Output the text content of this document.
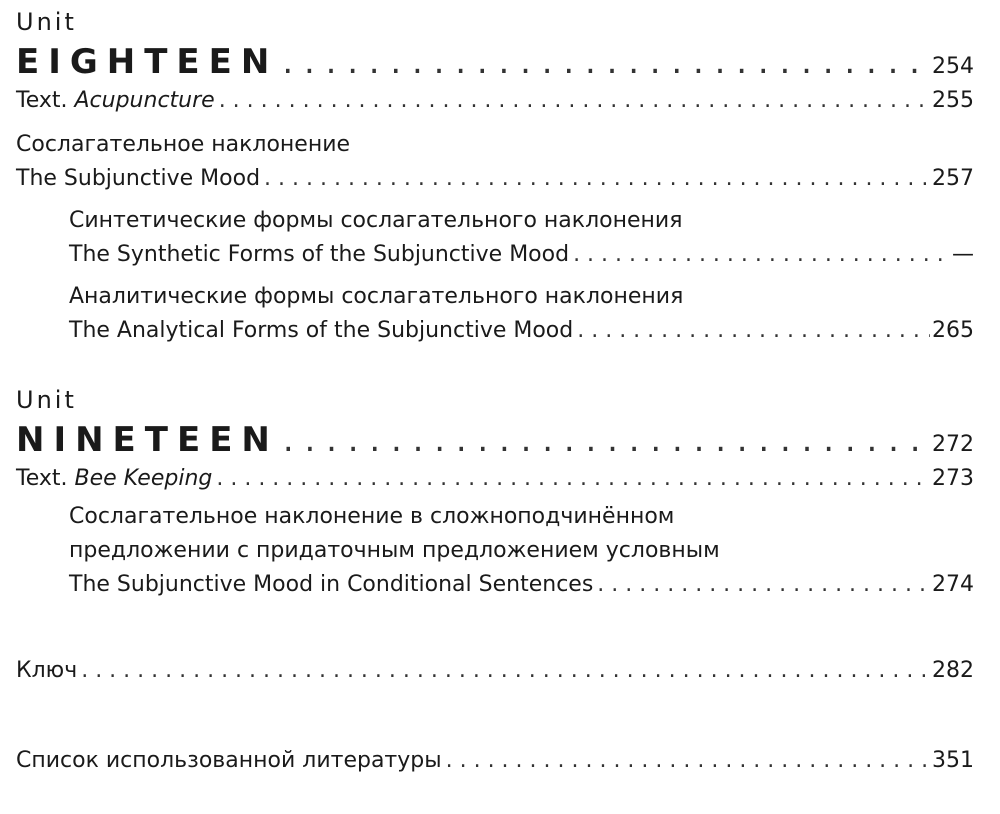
Unit
EIGHTEEN . . .	254
Text. Acupuncture . . .	255
Сослагательное наклонение
The Subjunctive Mood . . .	257
Синтетические формы сослагательного наклонения
The Synthetic Forms of the Subjunctive Mood . . .	—
Аналитические формы сослагательного наклонения
The Analytical Forms of the Subjunctive Mood . . .	265
Unit
NINETEEN . . .	272
Text. Bee Keeping . . .	273
Сослагательное наклонение в сложноподчинённом
предложении с придаточным предложением условным
The Subjunctive Mood in Conditional Sentences . . .	274
Ключ . . .	282
Список использованной литературы . . .	351
